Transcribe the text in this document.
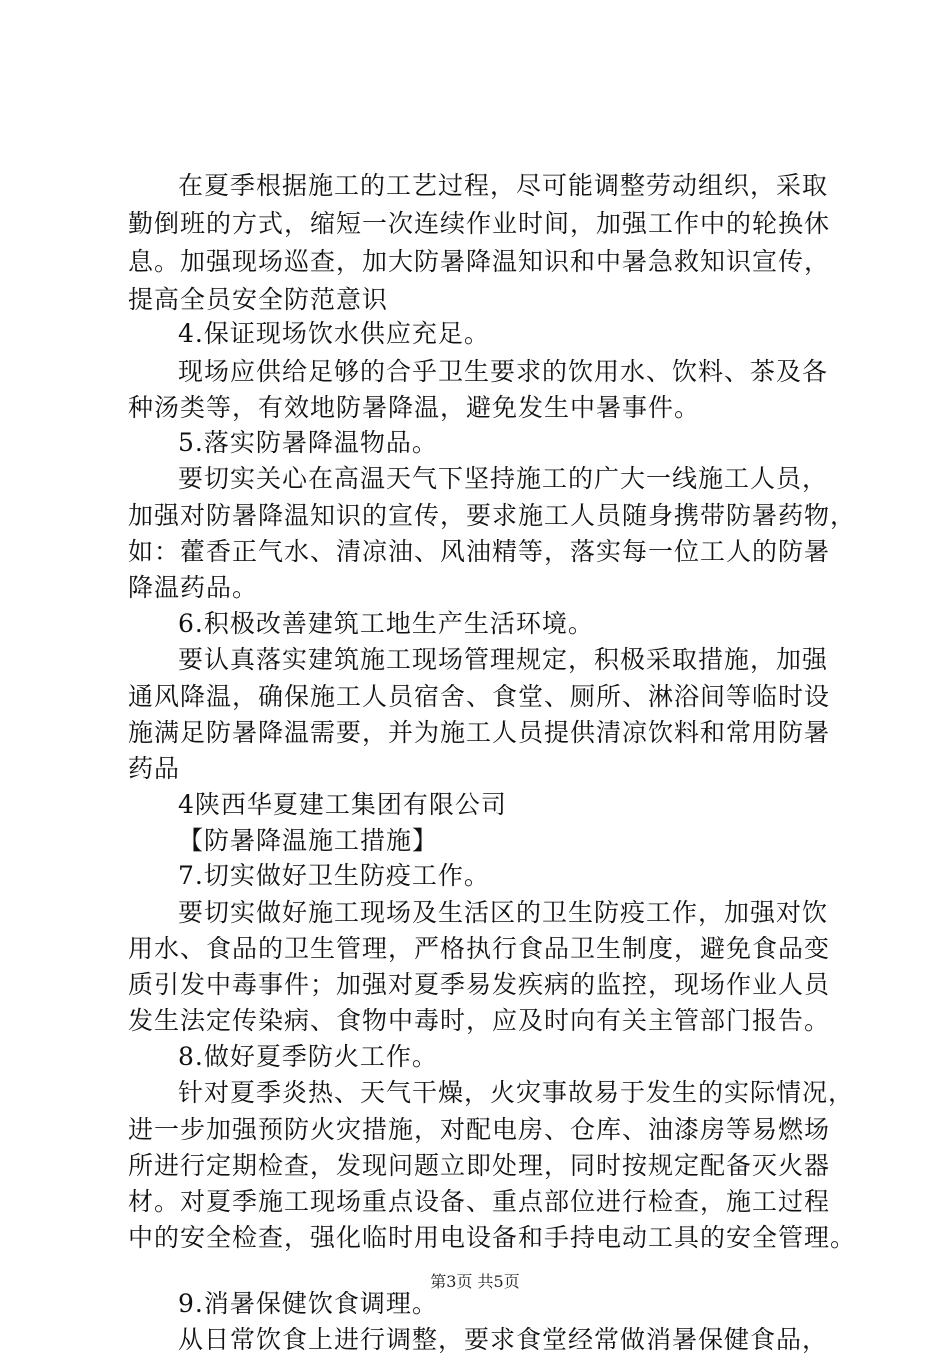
在夏季根据施工的工艺过程，尽可能调整劳动组织，采取
勤倒班的方式，缩短一次连续作业时间，加强工作中的轮换休
息。加强现场巡查，加大防暑降温知识和中暑急救知识宣传，
提高全员安全防范意识
4.保证现场饮水供应充足。
现场应供给足够的合乎卫生要求的饮用水、饮料、茶及各
种汤类等，有效地防暑降温，避免发生中暑事件。
5.落实防暑降温物品。
要切实关心在高温天气下坚持施工的广大一线施工人员，
加强对防暑降温知识的宣传，要求施工人员随身携带防暑药物，
如：藿香正气水、清凉油、风油精等，落实每一位工人的防暑
降温药品。
6.积极改善建筑工地生产生活环境。
要认真落实建筑施工现场管理规定，积极采取措施，加强
通风降温，确保施工人员宿舍、食堂、厕所、淋浴间等临时设
施满足防暑降温需要，并为施工人员提供清凉饮料和常用防暑
药品
4陕西华夏建工集团有限公司
【防暑降温施工措施】
7.切实做好卫生防疫工作。
要切实做好施工现场及生活区的卫生防疫工作，加强对饮
用水、食品的卫生管理，严格执行食品卫生制度，避免食品变
质引发中毒事件；加强对夏季易发疾病的监控，现场作业人员
发生法定传染病、食物中毒时，应及时向有关主管部门报告。
8.做好夏季防火工作。
针对夏季炎热、天气干燥，火灾事故易于发生的实际情况，
进一步加强预防火灾措施，对配电房、仓库、油漆房等易燃场
所进行定期检查，发现问题立即处理，同时按规定配备灭火器
材。对夏季施工现场重点设备、重点部位进行检查，施工过程
中的安全检查，强化临时用电设备和手持电动工具的安全管理。
9.消暑保健饮食调理。
从日常饮食上进行调整，要求食堂经常做消暑保健食品，
第3页 共5页
